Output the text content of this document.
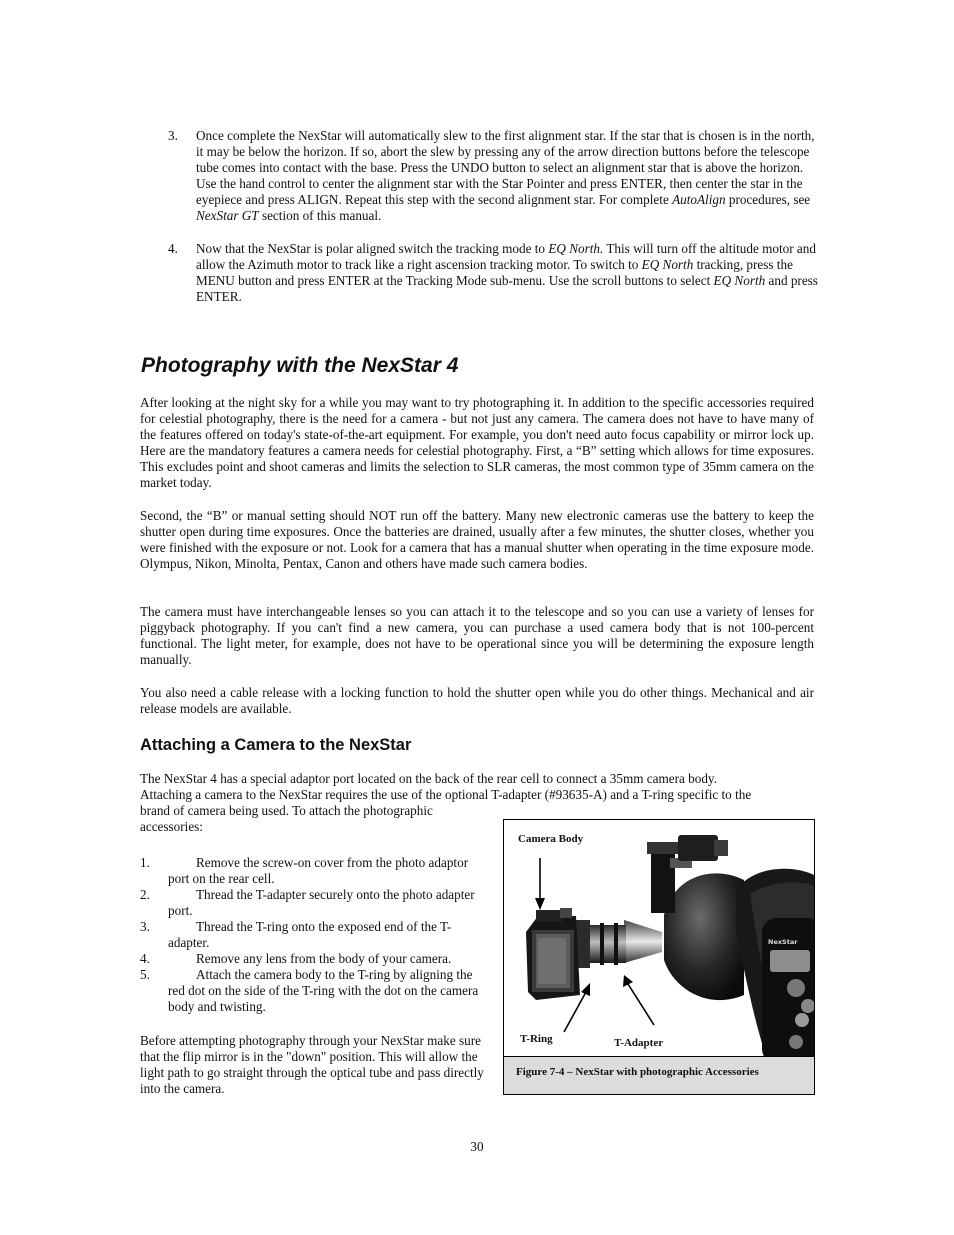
3. Once complete the NexStar will automatically slew to the first alignment star. If the star that is chosen is in the north, it may be below the horizon. If so, abort the slew by pressing any of the arrow direction buttons before the telescope tube comes into contact with the base. Press the UNDO button to select an alignment star that is above the horizon. Use the hand control to center the alignment star with the Star Pointer and press ENTER, then center the star in the eyepiece and press ALIGN. Repeat this step with the second alignment star. For complete AutoAlign procedures, see NexStar GT section of this manual.
4. Now that the NexStar is polar aligned switch the tracking mode to EQ North. This will turn off the altitude motor and allow the Azimuth motor to track like a right ascension tracking motor. To switch to EQ North tracking, press the MENU button and press ENTER at the Tracking Mode sub-menu. Use the scroll buttons to select EQ North and press ENTER.
Photography with the NexStar 4

After looking at the night sky for a while you may want to try photographing it. In addition to the specific accessories required for celestial photography, there is the need for a camera - but not just any camera. The camera does not have to have many of the features offered on today's state-of-the-art equipment. For example, you don't need auto focus capability or mirror lock up. Here are the mandatory features a camera needs for celestial photography. First, a “B” setting which allows for time exposures. This excludes point and shoot cameras and limits the selection to SLR cameras, the most common type of 35mm camera on the market today.

Second, the “B” or manual setting should NOT run off the battery. Many new electronic cameras use the battery to keep the shutter open during time exposures. Once the batteries are drained, usually after a few minutes, the shutter closes, whether you were finished with the exposure or not. Look for a camera that has a manual shutter when operating in the time exposure mode. Olympus, Nikon, Minolta, Pentax, Canon and others have made such camera bodies.

The camera must have interchangeable lenses so you can attach it to the telescope and so you can use a variety of lenses for piggyback photography. If you can't find a new camera, you can purchase a used camera body that is not 100-percent functional. The light meter, for example, does not have to be operational since you will be determining the exposure length manually.

You also need a cable release with a locking function to hold the shutter open while you do other things. Mechanical and air release models are available.

Attaching a Camera to the NexStar
The NexStar 4 has a special adaptor port located on the back of the rear cell to connect a 35mm camera body.
Attaching a camera to the NexStar requires the use of the optional T-adapter (#93635-A) and a T-ring specific to the
brand of camera being used. To attach the photographic
accessories:
1.	Remove the screw-on cover from the photo adaptor port on the rear cell.
2.	Thread the T-adapter securely onto the photo adapter port.
3.	Thread the T-ring onto the exposed end of the T-adapter.
4.	Remove any lens from the body of your camera.
5.	Attach the camera body to the T-ring by aligning the red dot on the side of the T-ring with the dot on the camera body and twisting.

Before attempting photography through your NexStar make sure that the flip mirror is in the "down" position. This will allow the light path to go straight through the optical tube and pass directly into the camera.

NexStar
Camera Body
T-Ring	T-Adapter
Figure 7-4 – NexStar with photographic Accessories
30
